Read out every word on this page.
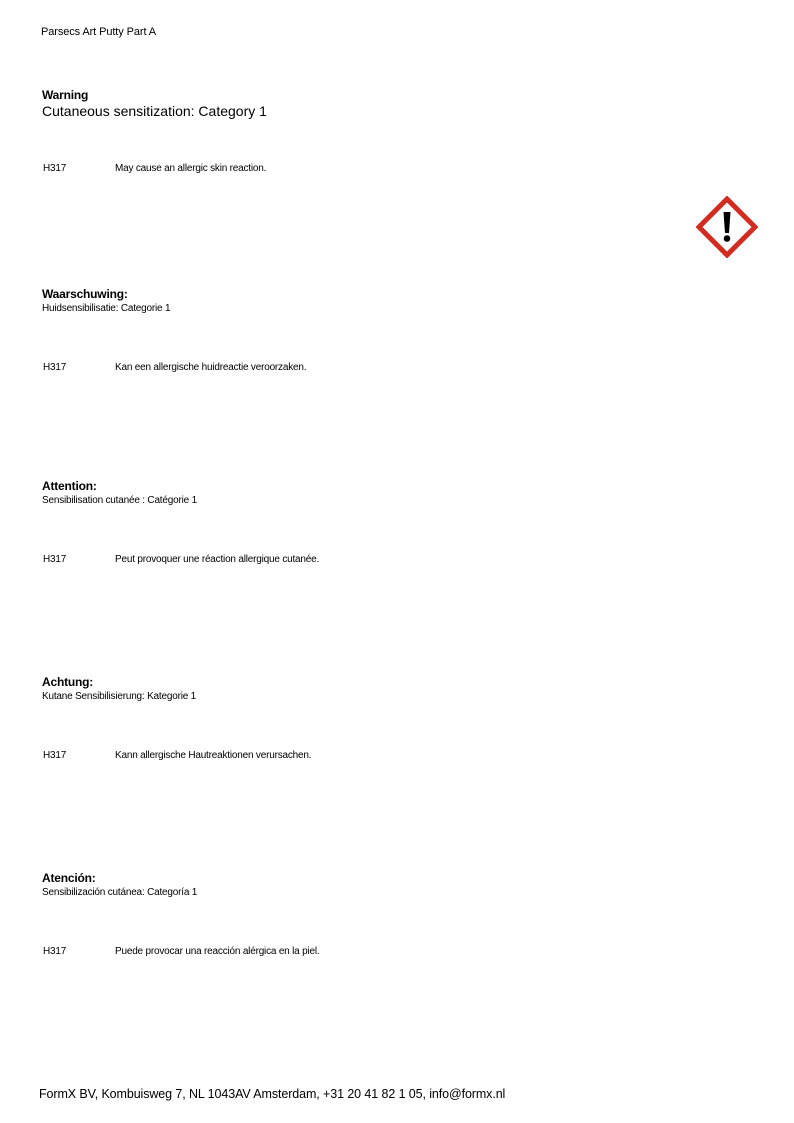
Parsecs Art Putty Part A
Warning
Cutaneous sensitization: Category 1
H317	May cause an allergic skin reaction.
Waarschuwing:
Huidsensibilisatie: Categorie 1
H317	Kan een allergische huidreactie veroorzaken.
Attention:
Sensibilisation cutanée : Catégorie 1
H317	Peut provoquer une réaction allergique cutanée.
Achtung:
Kutane Sensibilisierung: Kategorie 1
H317	Kann allergische Hautreaktionen verursachen.
Atención:
Sensibilización cutánea: Categoría 1
H317	Puede provocar una reacción alérgica en la piel.
FormX BV, Kombuisweg 7, NL 1043AV Amsterdam, +31 20 41 82 1 05, info@formx.nl
